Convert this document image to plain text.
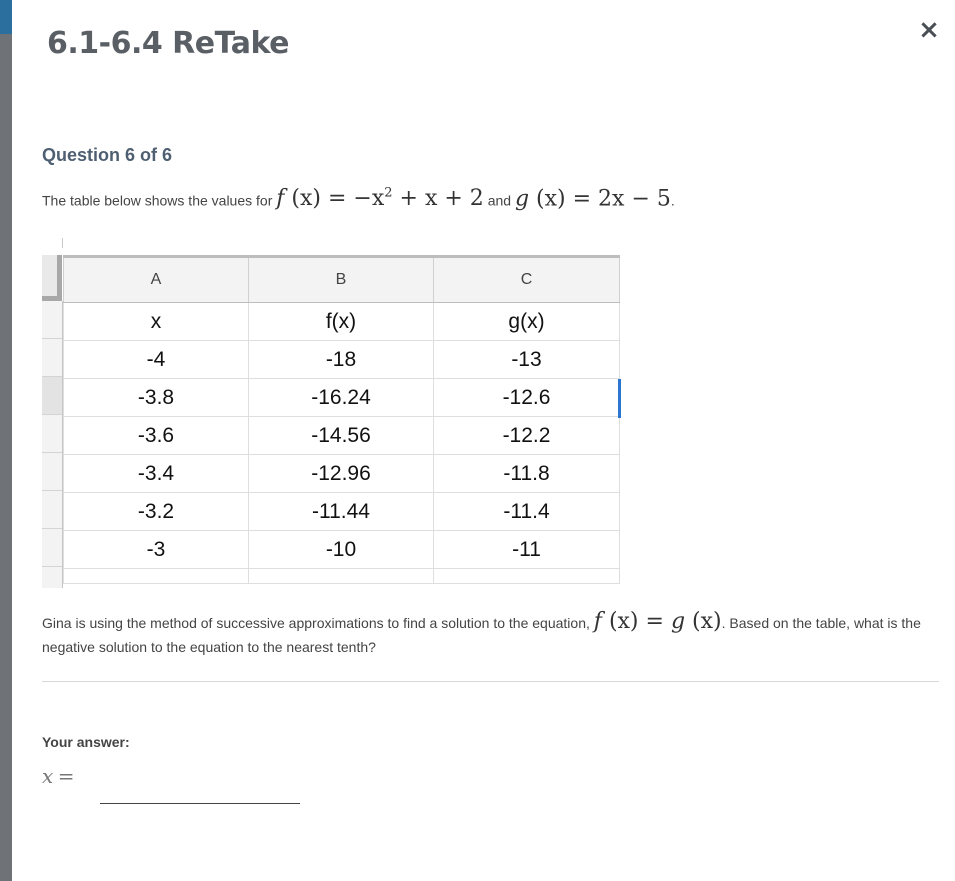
6.1-6.4 ReTake	×
Question 6 of 6
The table below shows the values for f $(x) = -x^2 + x + 2$ and g (x) = 2x − 5.
A	B	C
x	f(x)	g(x)
-4	-18	-13
-3.8	-16.24	-12.6
-3.6	-14.56	-12.2
-3.4	-12.96	-11.8
-3.2	-11.44	-11.4
-3	-10	-11

Gina is using the method of successive approximations to find a solution to the equation, f (x) = g (x). Based on the table, what is the negative solution to the equation to the nearest tenth?
Your answer:
x =
